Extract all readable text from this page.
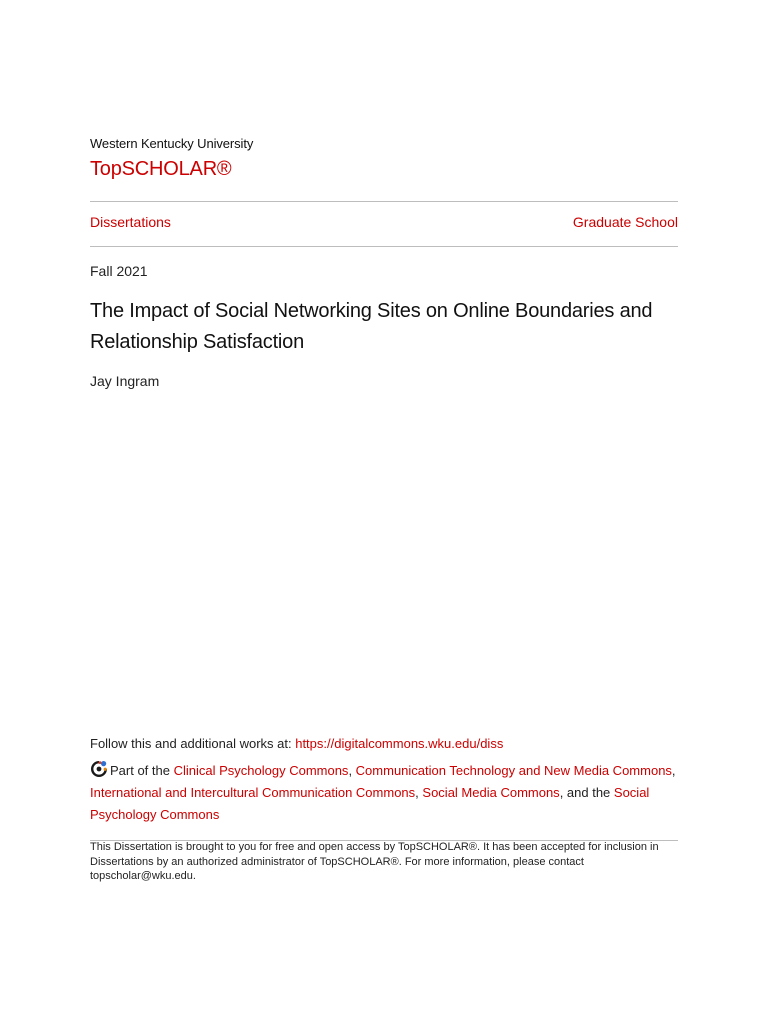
Western Kentucky University
TopSCHOLAR®
Dissertations	Graduate School
Fall 2021
The Impact of Social Networking Sites on Online Boundaries and Relationship Satisfaction
Jay Ingram
Follow this and additional works at: https://digitalcommons.wku.edu/diss
Part of the Clinical Psychology Commons, Communication Technology and New Media Commons, International and Intercultural Communication Commons, Social Media Commons, and the Social Psychology Commons
This Dissertation is brought to you for free and open access by TopSCHOLAR®. It has been accepted for inclusion in Dissertations by an authorized administrator of TopSCHOLAR®. For more information, please contact topscholar@wku.edu.
